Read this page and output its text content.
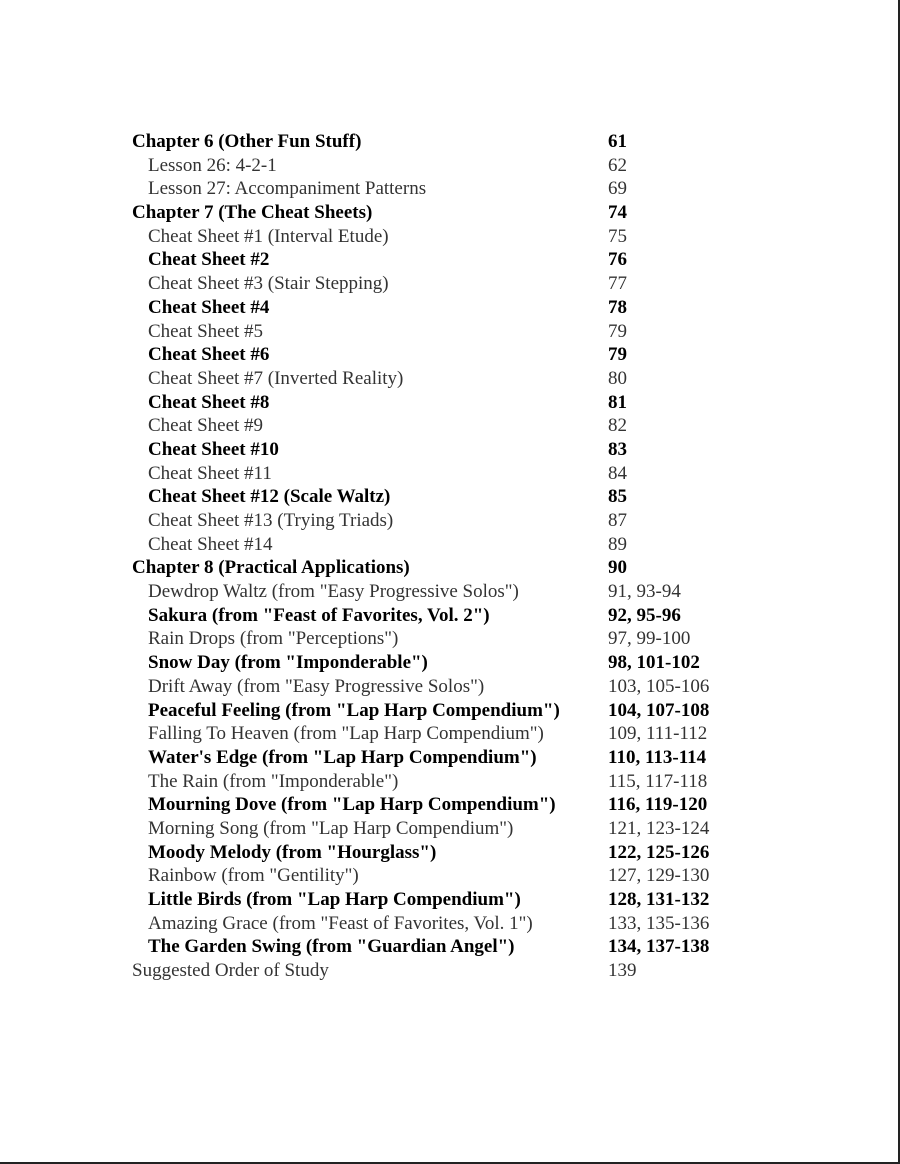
Chapter 6 (Other Fun Stuff)	61
Lesson 26: 4-2-1	62
Lesson 27: Accompaniment Patterns	69
Chapter 7 (The Cheat Sheets)	74
Cheat Sheet #1 (Interval Etude)	75
Cheat Sheet #2	76
Cheat Sheet #3 (Stair Stepping)	77
Cheat Sheet #4	78
Cheat Sheet #5	79
Cheat Sheet #6	79
Cheat Sheet #7 (Inverted Reality)	80
Cheat Sheet #8	81
Cheat Sheet #9	82
Cheat Sheet #10	83
Cheat Sheet #11	84
Cheat Sheet #12 (Scale Waltz)	85
Cheat Sheet #13 (Trying Triads)	87
Cheat Sheet #14	89
Chapter 8 (Practical Applications)	90
Dewdrop Waltz (from "Easy Progressive Solos")	91, 93-94
Sakura (from "Feast of Favorites, Vol. 2")	92, 95-96
Rain Drops (from "Perceptions")	97, 99-100
Snow Day (from "Imponderable")	98, 101-102
Drift Away (from "Easy Progressive Solos")	103, 105-106
Peaceful Feeling (from "Lap Harp Compendium")	104, 107-108
Falling To Heaven (from "Lap Harp Compendium")	109, 111-112
Water's Edge (from "Lap Harp Compendium")	110, 113-114
The Rain (from "Imponderable")	115, 117-118
Mourning Dove (from "Lap Harp Compendium")	116, 119-120
Morning Song (from "Lap Harp Compendium")	121, 123-124
Moody Melody (from "Hourglass")	122, 125-126
Rainbow (from "Gentility")	127, 129-130
Little Birds (from "Lap Harp Compendium")	128, 131-132
Amazing Grace (from "Feast of Favorites, Vol. 1")	133, 135-136
The Garden Swing (from "Guardian Angel")	134, 137-138
Suggested Order of Study	139
